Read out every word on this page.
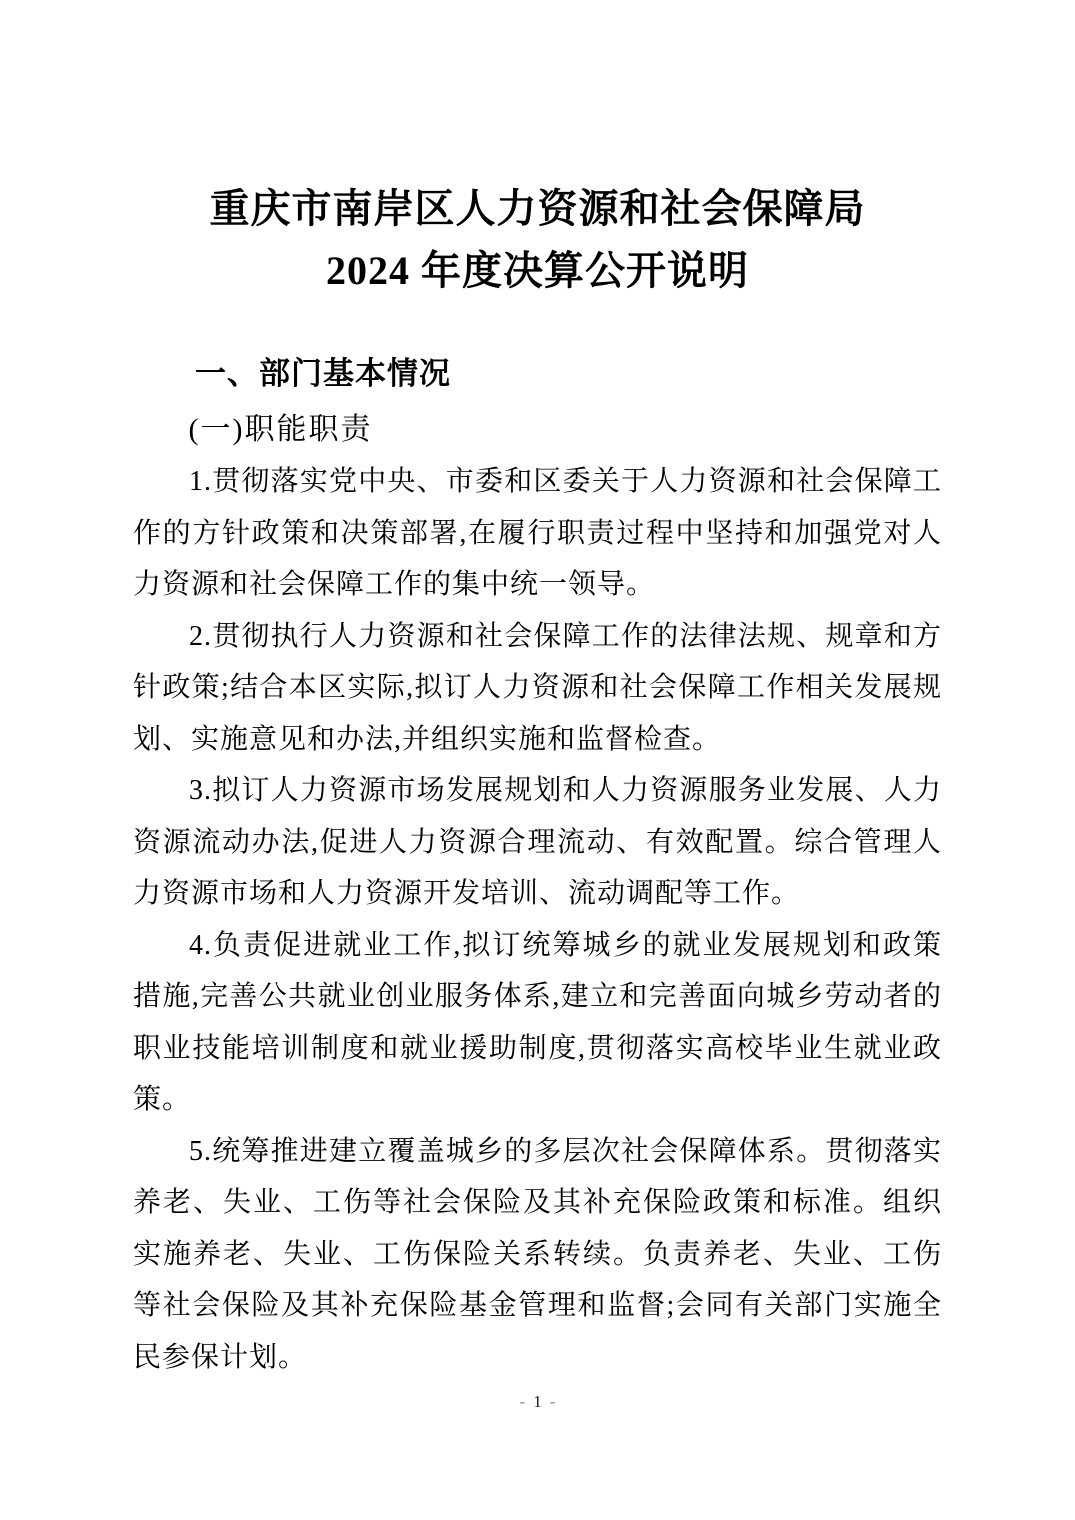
重庆市南岸区人力资源和社会保障局
2024 年度决算公开说明
一、部门基本情况
(一)职能职责

1.贯彻落实党中央、市委和区委关于人力资源和社会保障工作的方针政策和决策部署,在履行职责过程中坚持和加强党对人力资源和社会保障工作的集中统一领导。

2.贯彻执行人力资源和社会保障工作的法律法规、规章和方针政策;结合本区实际,拟订人力资源和社会保障工作相关发展规划、实施意见和办法,并组织实施和监督检查。

3.拟订人力资源市场发展规划和人力资源服务业发展、人力资源流动办法,促进人力资源合理流动、有效配置。综合管理人力资源市场和人力资源开发培训、流动调配等工作。

4.负责促进就业工作,拟订统筹城乡的就业发展规划和政策措施,完善公共就业创业服务体系,建立和完善面向城乡劳动者的职业技能培训制度和就业援助制度,贯彻落实高校毕业生就业政策。

5.统筹推进建立覆盖城乡的多层次社会保障体系。贯彻落实养老、失业、工伤等社会保险及其补充保险政策和标准。组织实施养老、失业、工伤保险关系转续。负责养老、失业、工伤等社会保险及其补充保险基金管理和监督;会同有关部门实施全民参保计划。

- 1 -
